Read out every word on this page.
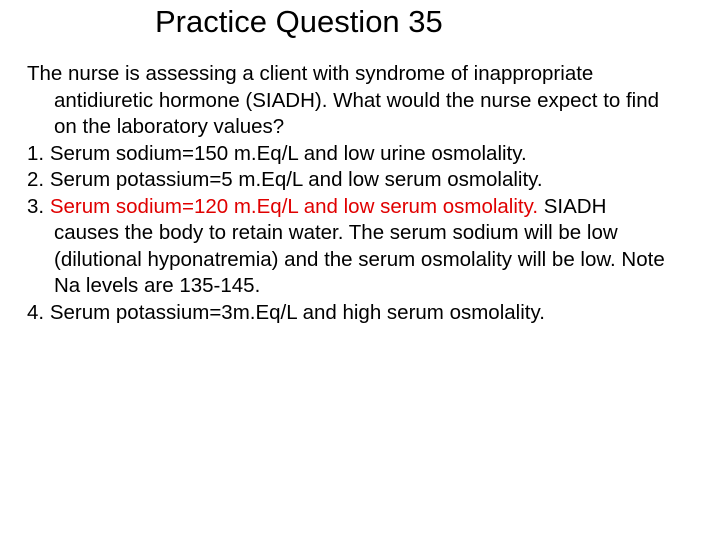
Practice Question 35

The nurse is assessing a client with syndrome of inappropriate antidiuretic hormone (SIADH). What would the nurse expect to find on the laboratory values?

1. Serum sodium=150 m.Eq/L and low urine osmolality.

2. Serum potassium=5 m.Eq/L and low serum osmolality.

3. Serum sodium=120 m.Eq/L and low serum osmolality. SIADH causes the body to retain water. The serum sodium will be low (dilutional hyponatremia) and the serum osmolality will be low. Note Na levels are 135-145.

4. Serum potassium=3m.Eq/L and high serum osmolality.
